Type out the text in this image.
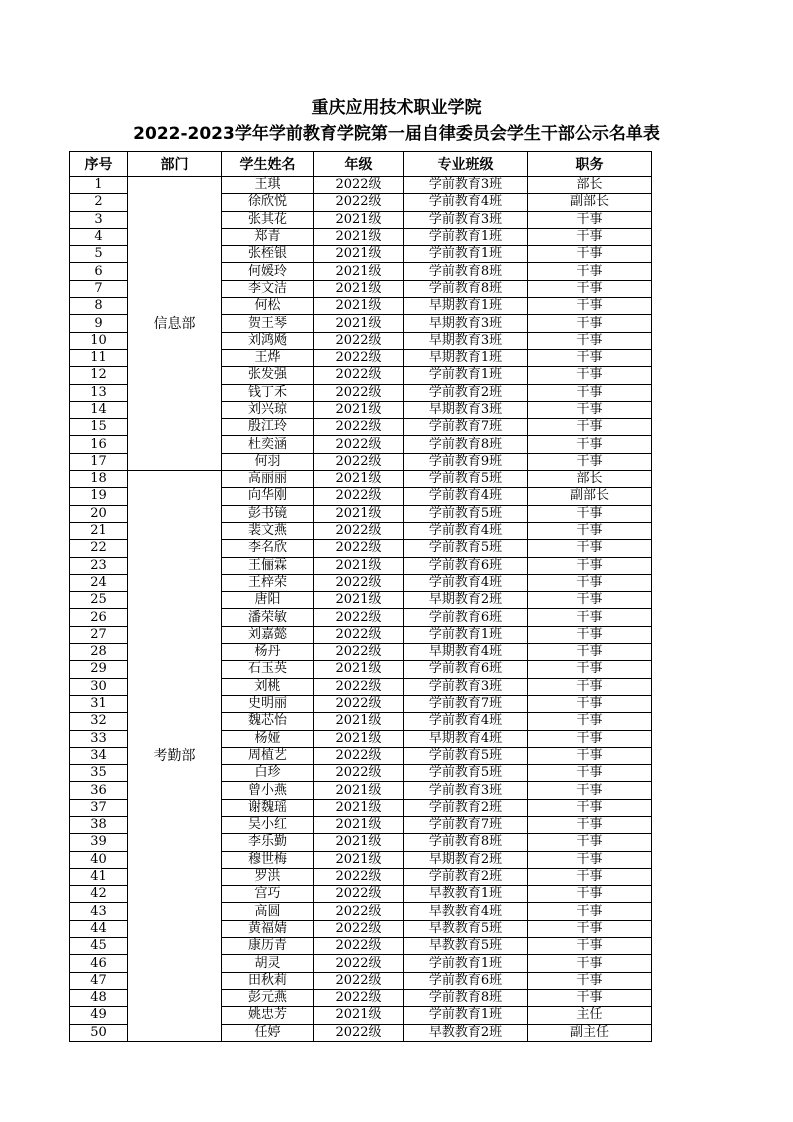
重庆应用技术职业学院
2022-2023学年学前教育学院第一届自律委员会学生干部公示名单表
序号	部门	学生姓名	年级	专业班级	职务
1	信息部	王琪	2022级	学前教育3班	部长
2		徐欣悦	2022级	学前教育4班	副部长
3		张其花	2021级	学前教育3班	干事
4		郑青	2021级	学前教育1班	干事
5		张桎银	2021级	学前教育1班	干事
6		何媛玲	2021级	学前教育8班	干事
7		李文洁	2021级	学前教育8班	干事
8		何松	2021级	早期教育1班	干事
9		贺王琴	2021级	早期教育3班	干事
10		刘鸿飏	2022级	早期教育3班	干事
11		王烨	2022级	早期教育1班	干事
12		张发强	2022级	学前教育1班	干事
13		钱丁禾	2022级	学前教育2班	干事
14		刘兴琼	2021级	早期教育3班	干事
15		殷江玲	2022级	学前教育7班	干事
16		杜奕涵	2022级	学前教育8班	干事
17		何羽	2022级	学前教育9班	干事
18	考勤部	高丽丽	2021级	学前教育5班	部长
19		向华刚	2022级	学前教育4班	副部长
20		彭书镜	2021级	学前教育5班	干事
21		裴文燕	2022级	学前教育4班	干事
22		李名欣	2022级	学前教育5班	干事
23		王俪霖	2021级	学前教育6班	干事
24		王梓荣	2022级	学前教育4班	干事
25		唐阳	2021级	早期教育2班	干事
26		潘荣敏	2022级	学前教育6班	干事
27		刘嘉懿	2022级	学前教育1班	干事
28		杨丹	2022级	早期教育4班	干事
29		石玉英	2021级	学前教育6班	干事
30		刘桃	2022级	学前教育3班	干事
31		史明丽	2022级	学前教育7班	干事
32		魏芯怡	2021级	学前教育4班	干事
33		杨娅	2021级	早期教育4班	干事
34		周植艺	2022级	学前教育5班	干事
35		白珍	2022级	学前教育5班	干事
36		曾小燕	2021级	学前教育3班	干事
37		谢魏瑶	2021级	学前教育2班	干事
38		吴小红	2021级	学前教育7班	干事
39		李乐勤	2021级	学前教育8班	干事
40		穆世梅	2021级	早期教育2班	干事
41		罗洪	2022级	学前教育2班	干事
42		宫巧	2022级	早教教育1班	干事
43		高圆	2022级	早教教育4班	干事
44		黄福婧	2022级	早教教育5班	干事
45		康历青	2022级	早教教育5班	干事
46		胡灵	2022级	学前教育1班	干事
47		田秋莉	2022级	学前教育6班	干事
48		彭元燕	2022级	学前教育8班	干事
49		姚忠芳	2021级	学前教育1班	主任
50		任婷	2022级	早教教育2班	副主任
